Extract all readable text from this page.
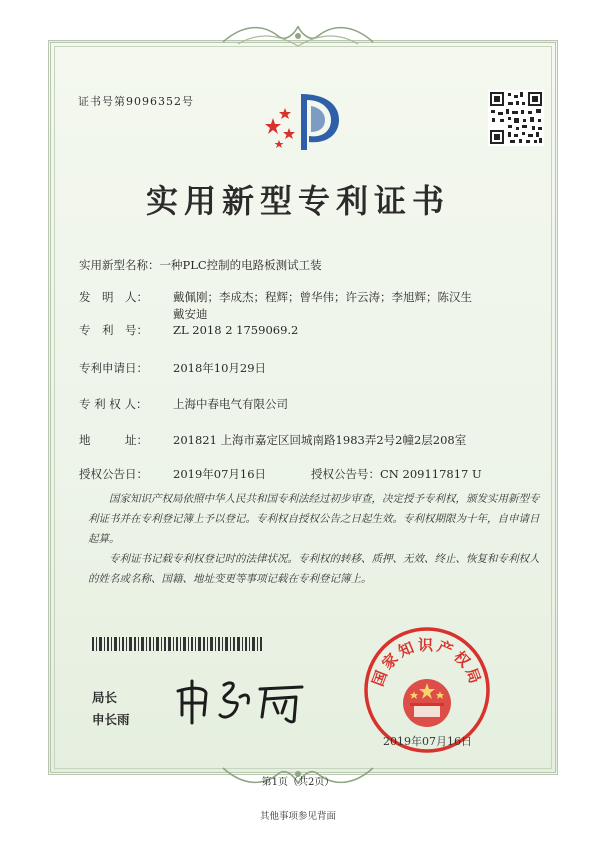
证书号第9096352号
实用新型专利证书
实用新型名称：一种PLC控制的电路板测试工装
发　明　人： 戴佩刚；李成杰；程辉；曾华伟；许云涛；李旭辉；陈汉生
戴安迪
专　利　号： ZL 2018 2 1759069.2
专利申请日： 2018年10月29日
专 利 权 人： 上海中春电气有限公司
地　　　址： 201821 上海市嘉定区回城南路1983弄2号2幢2层208室
授权公告日： 2019年07月16日	授权公告号：CN 209117817 U
国家知识产权局依照中华人民共和国专利法经过初步审查，决定授予专利权，颁发实用新型专利证书并在专利登记簿上予以登记。专利权自授权公告之日起生效。专利权期限为十年，自申请日起算。
专利证书记载专利权登记时的法律状况。专利权的转移、质押、无效、终止、恢复和专利权人的姓名或名称、国籍、地址变更等事项记载在专利登记簿上。
局长
申长雨
国家知识产权局
2019年07月16日
第1页（共2页）
其他事项参见背面
